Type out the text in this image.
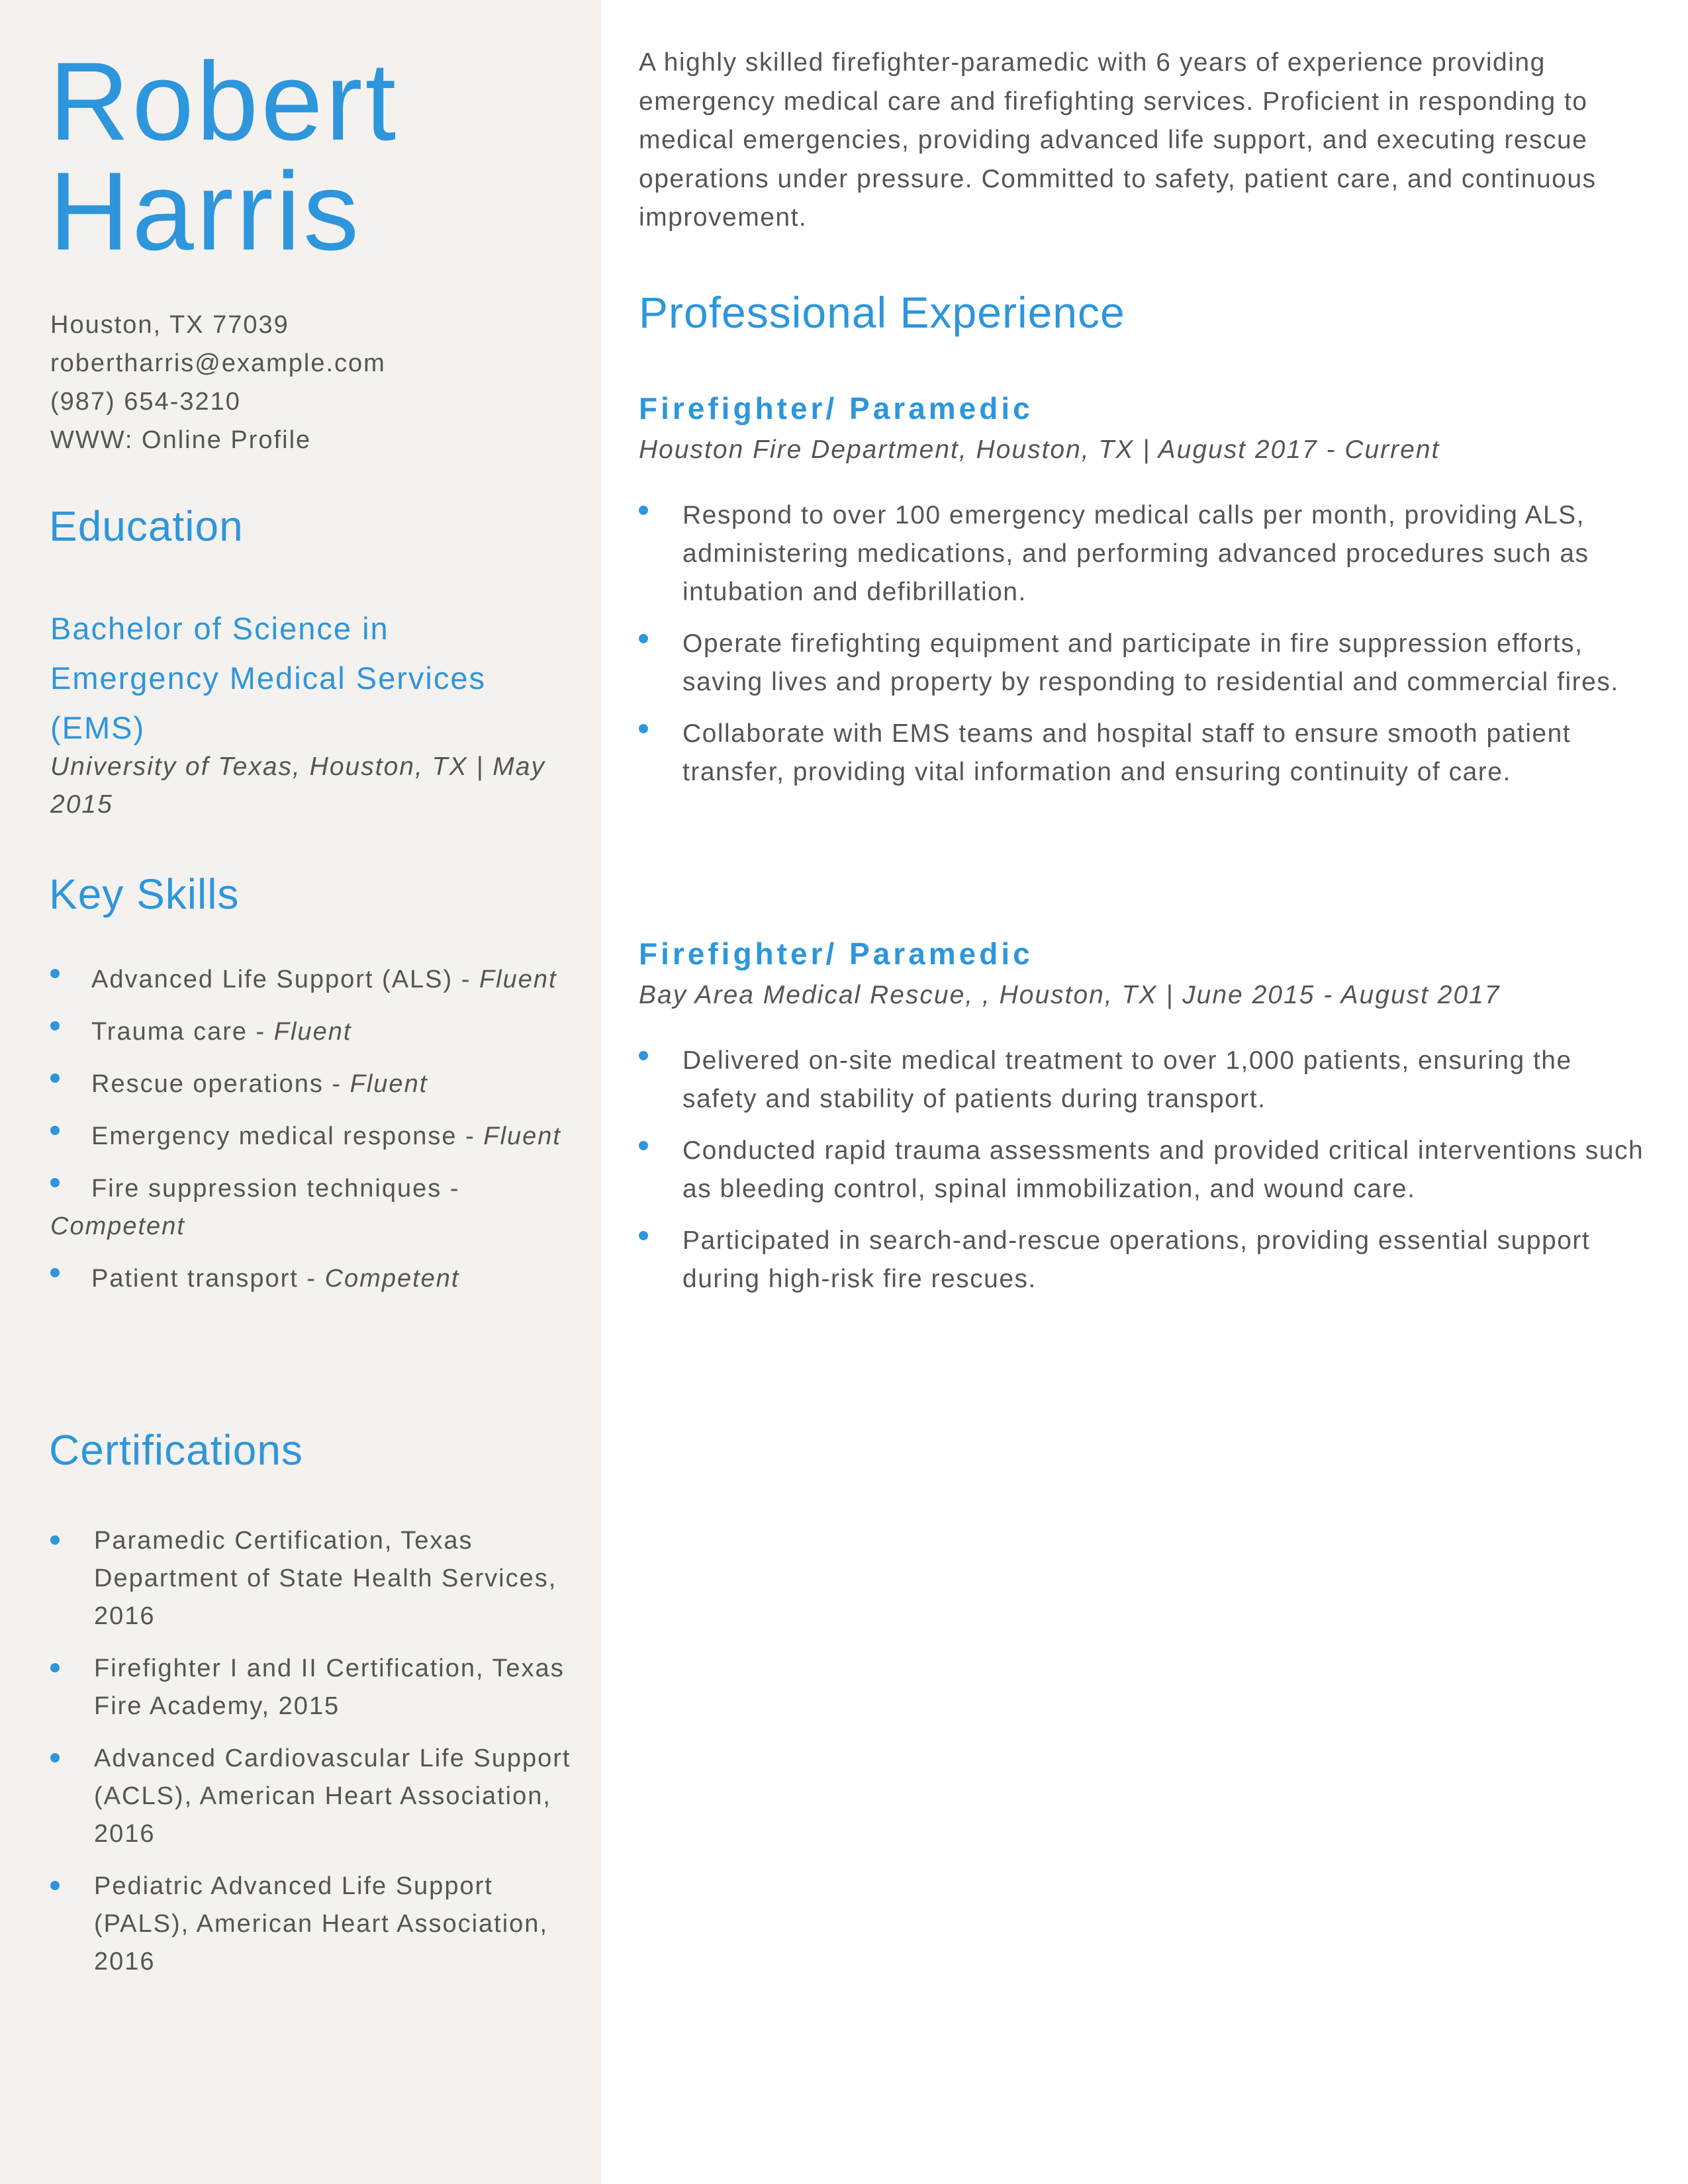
Robert
Harris
Houston, TX 77039
robertharris@example.com
(987) 654-3210
WWW: Online Profile
Education
Bachelor of Science in Emergency Medical Services (EMS)
University of Texas, Houston, TX | May 2015
Key Skills
Advanced Life Support (ALS) - Fluent
Trauma care - Fluent
Rescue operations - Fluent
Emergency medical response - Fluent
Fire suppression techniques - Competent
Patient transport - Competent
Certifications
Paramedic Certification, Texas Department of State Health Services, 2016
Firefighter I and II Certification, Texas Fire Academy, 2015
Advanced Cardiovascular Life Support (ACLS), American Heart Association, 2016
Pediatric Advanced Life Support (PALS), American Heart Association, 2016

A highly skilled firefighter-paramedic with 6 years of experience providing emergency medical care and firefighting services. Proficient in responding to medical emergencies, providing advanced life support, and executing rescue operations under pressure. Committed to safety, patient care, and continuous improvement.

Professional Experience
Firefighter/ Paramedic

Houston Fire Department, Houston, TX | August 2017 - Current

Respond to over 100 emergency medical calls per month, providing ALS, administering medications, and performing advanced procedures such as intubation and defibrillation.
Operate firefighting equipment and participate in fire suppression efforts, saving lives and property by responding to residential and commercial fires.
Collaborate with EMS teams and hospital staff to ensure smooth patient transfer, providing vital information and ensuring continuity of care.
Firefighter/ Paramedic

Bay Area Medical Rescue, , Houston, TX | June 2015 - August 2017

Delivered on-site medical treatment to over 1,000 patients, ensuring the safety and stability of patients during transport.
Conducted rapid trauma assessments and provided critical interventions such as bleeding control, spinal immobilization, and wound care.
Participated in search-and-rescue operations, providing essential support during high-risk fire rescues.
